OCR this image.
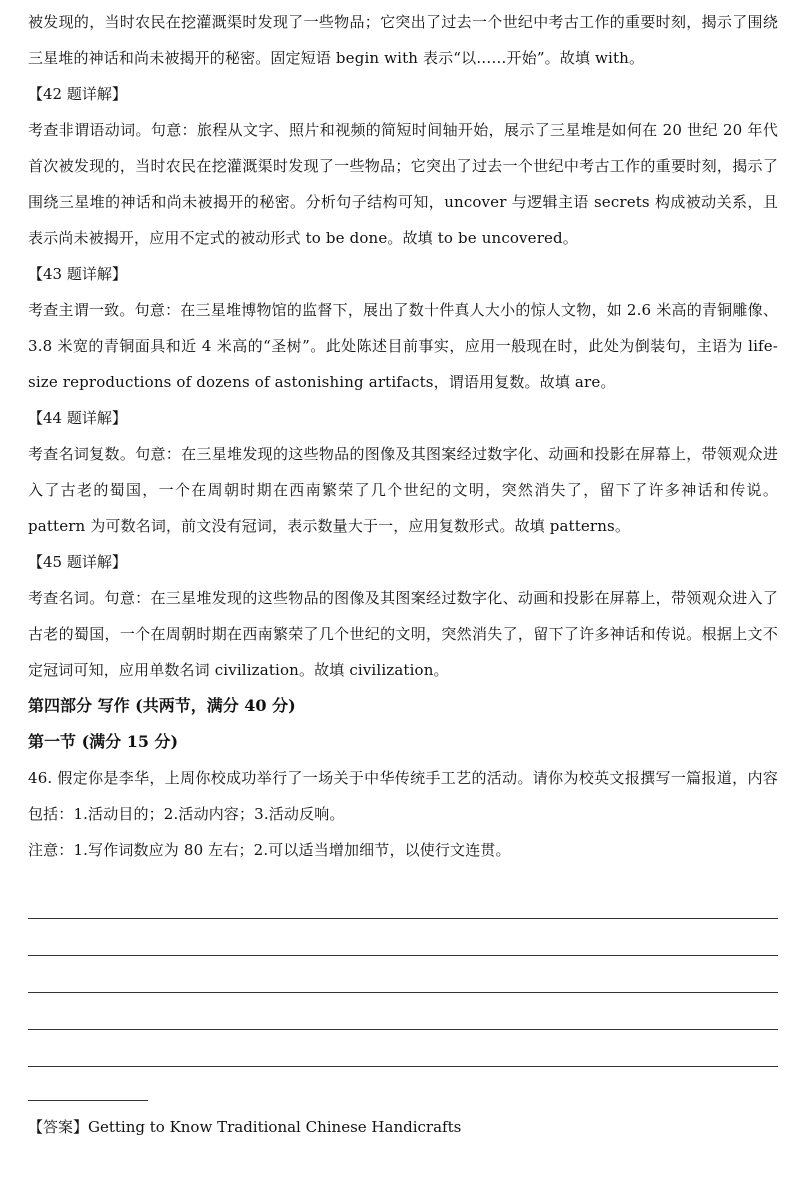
被发现的，当时农民在挖灌溉渠时发现了一些物品；它突出了过去一个世纪中考古工作的重要时刻，揭示了围绕三星堆的神话和尚未被揭开的秘密。固定短语 begin with 表示“以……开始”。故填 with。

【42 题详解】

考查非谓语动词。句意：旅程从文字、照片和视频的简短时间轴开始，展示了三星堆是如何在 20 世纪 20 年代首次被发现的，当时农民在挖灌溉渠时发现了一些物品；它突出了过去一个世纪中考古工作的重要时刻，揭示了围绕三星堆的神话和尚未被揭开的秘密。分析句子结构可知，uncover 与逻辑主语 secrets 构成被动关系，且表示尚未被揭开，应用不定式的被动形式 to be done。故填 to be uncovered。

【43 题详解】

考查主谓一致。句意：在三星堆博物馆的监督下，展出了数十件真人大小的惊人文物，如 2.6 米高的青铜雕像、3.8 米宽的青铜面具和近 4 米高的“圣树”。此处陈述目前事实，应用一般现在时，此处为倒装句，主语为 life-size reproductions of dozens of astonishing artifacts，谓语用复数。故填 are。

【44 题详解】

考查名词复数。句意：在三星堆发现的这些物品的图像及其图案经过数字化、动画和投影在屏幕上，带领观众进入了古老的蜀国，一个在周朝时期在西南繁荣了几个世纪的文明，突然消失了，留下了许多神话和传说。pattern 为可数名词，前文没有冠词，表示数量大于一，应用复数形式。故填 patterns。

【45 题详解】

考查名词。句意：在三星堆发现的这些物品的图像及其图案经过数字化、动画和投影在屏幕上，带领观众进入了古老的蜀国，一个在周朝时期在西南繁荣了几个世纪的文明，突然消失了，留下了许多神话和传说。根据上文不定冠词可知，应用单数名词 civilization。故填 civilization。

第四部分 写作 (共两节，满分 40 分)

第一节 (满分 15 分)

46. 假定你是李华，上周你校成功举行了一场关于中华传统手工艺的活动。请你为校英文报撰写一篇报道，内容包括：1.活动目的；2.活动内容；3.活动反响。

注意：1.写作词数应为 80 左右；2.可以适当增加细节，以使行文连贯。

【答案】Getting to Know Traditional Chinese Handicrafts
